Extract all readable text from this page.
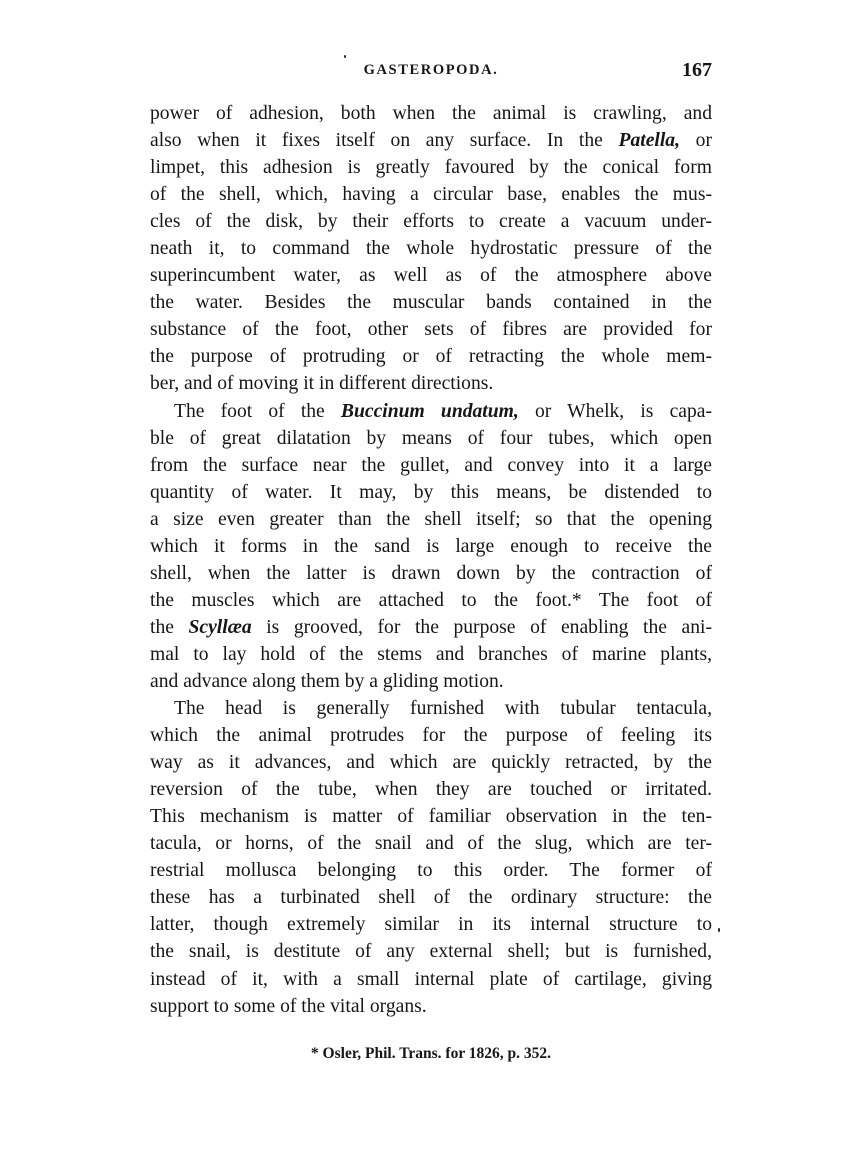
GASTEROPODA.	167
power of adhesion, both when the animal is crawling, and
also when it fixes itself on any surface. In the Patella, or
limpet, this adhesion is greatly favoured by the conical form
of the shell, which, having a circular base, enables the mus-
cles of the disk, by their efforts to create a vacuum under-
neath it, to command the whole hydrostatic pressure of the
superincumbent water, as well as of the atmosphere above
the water. Besides the muscular bands contained in the
substance of the foot, other sets of fibres are provided for
the purpose of protruding or of retracting the whole mem-
ber, and of moving it in different directions.
The foot of the Buccinum undatum, or Whelk, is capa-
ble of great dilatation by means of four tubes, which open
from the surface near the gullet, and convey into it a large
quantity of water. It may, by this means, be distended to
a size even greater than the shell itself; so that the opening
which it forms in the sand is large enough to receive the
shell, when the latter is drawn down by the contraction of
the muscles which are attached to the foot.* The foot of
the Scyllæa is grooved, for the purpose of enabling the ani-
mal to lay hold of the stems and branches of marine plants,
and advance along them by a gliding motion.
The head is generally furnished with tubular tentacula,
which the animal protrudes for the purpose of feeling its
way as it advances, and which are quickly retracted, by the
reversion of the tube, when they are touched or irritated.
This mechanism is matter of familiar observation in the ten-
tacula, or horns, of the snail and of the slug, which are ter-
restrial mollusca belonging to this order. The former of
these has a turbinated shell of the ordinary structure: the
latter, though extremely similar in its internal structure to
the snail, is destitute of any external shell; but is furnished,
instead of it, with a small internal plate of cartilage, giving
support to some of the vital organs.
* Osler, Phil. Trans. for 1826, p. 352.
